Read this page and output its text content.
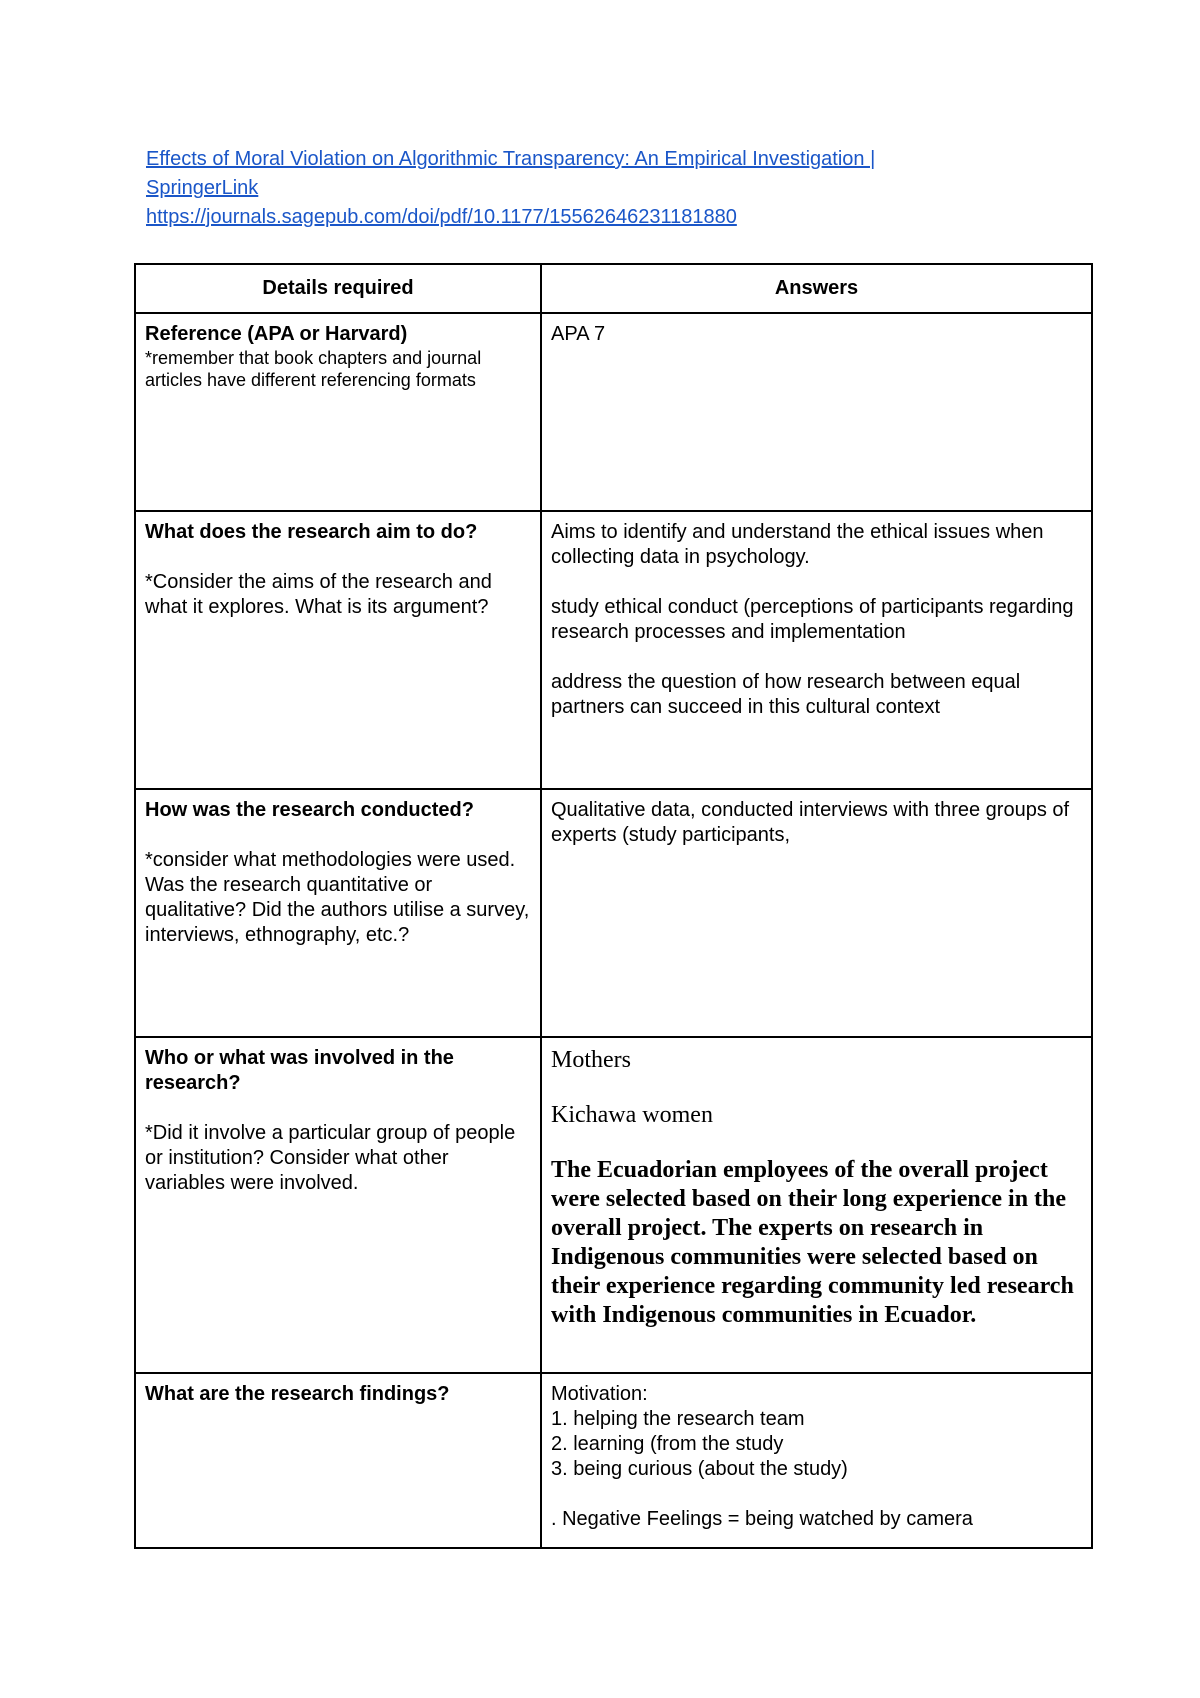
Effects of Moral Violation on Algorithmic Transparency: An Empirical Investigation |
SpringerLink
https://journals.sagepub.com/doi/pdf/10.1177/15562646231181880
Details required	Answers

Reference (APA or Harvard)
*remember that book chapters and journal articles have different referencing formats	APA 7

What does the research aim to do?
*Consider the aims of the research and what it explores. What is its argument?	Aims to identify and understand the ethical issues when collecting data in psychology.
study ethical conduct (perceptions of participants regarding research processes and implementation
address the question of how research between equal partners can succeed in this cultural context

How was the research conducted?
*consider what methodologies were used. Was the research quantitative or qualitative? Did the authors utilise a survey, interviews, ethnography, etc.?	Qualitative data, conducted interviews with three groups of experts (study participants,

Who or what was involved in the research?
*Did it involve a particular group of people or institution? Consider what other variables were involved.	Mothers
Kichawa women
The Ecuadorian employees of the overall project were selected based on their long experience in the overall project. The experts on research in Indigenous communities were selected based on their experience regarding community led research with Indigenous communities in Ecuador.

What are the research findings?	Motivation:
1. helping the research team
2. learning (from the study
3. being curious (about the study)
. Negative Feelings = being watched by camera
